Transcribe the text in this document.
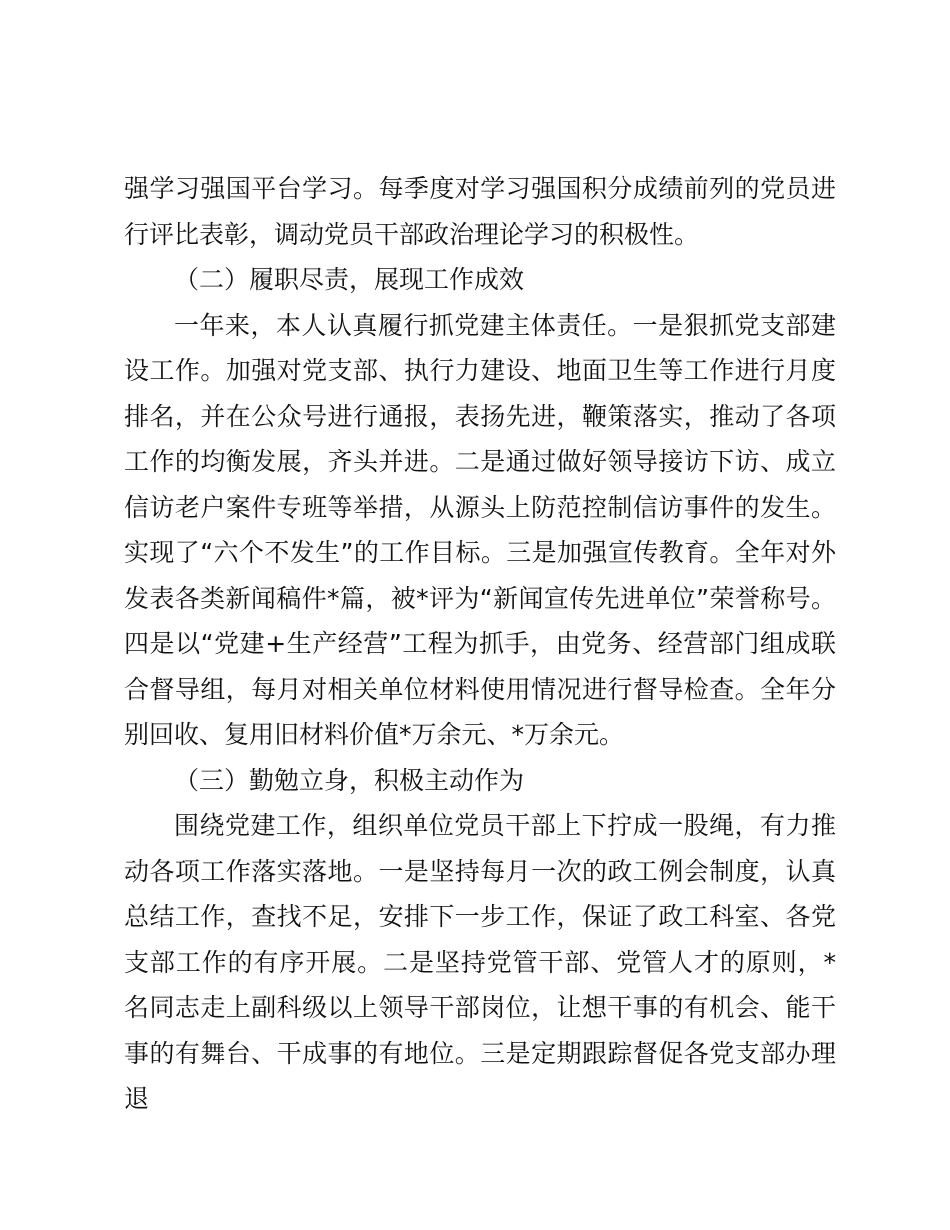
强学习强国平台学习。每季度对学习强国积分成绩前列的党员进行评比表彰，调动党员干部政治理论学习的积极性。

（二）履职尽责，展现工作成效

一年来，本人认真履行抓党建主体责任。一是狠抓党支部建设工作。加强对党支部、执行力建设、地面卫生等工作进行月度排名，并在公众号进行通报，表扬先进，鞭策落实，推动了各项工作的均衡发展，齐头并进。二是通过做好领导接访下访、成立信访老户案件专班等举措，从源头上防范控制信访事件的发生。实现了“六个不发生”的工作目标。三是加强宣传教育。全年对外发表各类新闻稿件*篇，被*评为“新闻宣传先进单位”荣誉称号。四是以“党建+生产经营”工程为抓手，由党务、经营部门组成联合督导组，每月对相关单位材料使用情况进行督导检查。全年分别回收、复用旧材料价值*万余元、*万余元。

（三）勤勉立身，积极主动作为

围绕党建工作，组织单位党员干部上下拧成一股绳，有力推动各项工作落实落地。一是坚持每月一次的政工例会制度，认真总结工作，查找不足，安排下一步工作，保证了政工科室、各党支部工作的有序开展。二是坚持党管干部、党管人才的原则，*名同志走上副科级以上领导干部岗位，让想干事的有机会、能干事的有舞台、干成事的有地位。三是定期跟踪督促各党支部办理退
